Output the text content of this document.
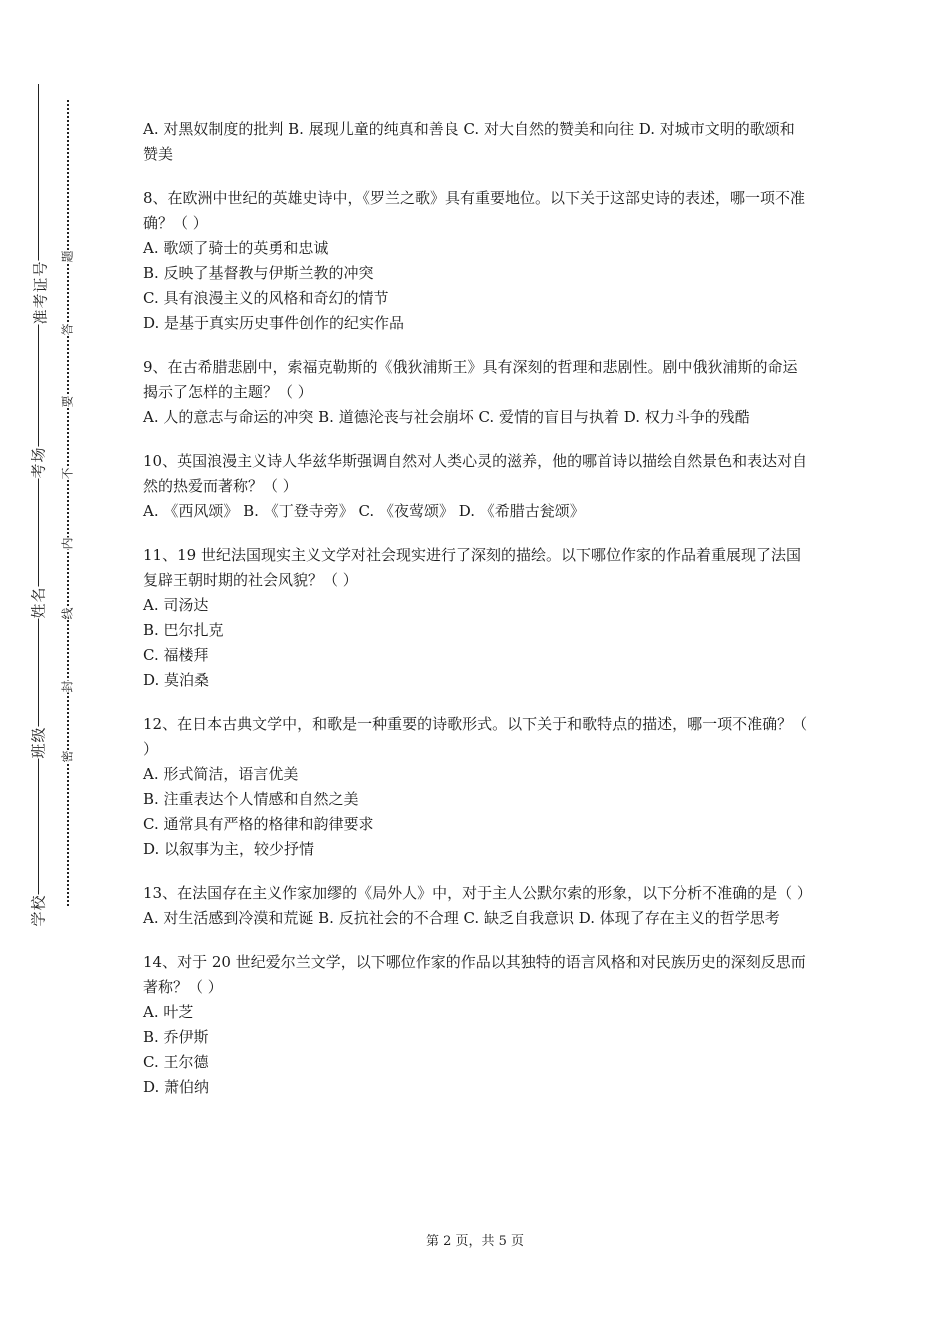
准考证号
考场
姓名
班级
学校
题
答
要
不
内
线
封
密

A. 对黑奴制度的批判 B. 展现儿童的纯真和善良 C. 对大自然的赞美和向往 D. 对城市文明的歌颂和赞美

8、在欧洲中世纪的英雄史诗中，《罗兰之歌》具有重要地位。以下关于这部史诗的表述，哪一项不准确？（ ）

A. 歌颂了骑士的英勇和忠诚

B. 反映了基督教与伊斯兰教的冲突

C. 具有浪漫主义的风格和奇幻的情节

D. 是基于真实历史事件创作的纪实作品

9、在古希腊悲剧中，索福克勒斯的《俄狄浦斯王》具有深刻的哲理和悲剧性。剧中俄狄浦斯的命运揭示了怎样的主题？（ ）

A. 人的意志与命运的冲突 B. 道德沦丧与社会崩坏 C. 爱情的盲目与执着 D. 权力斗争的残酷

10、英国浪漫主义诗人华兹华斯强调自然对人类心灵的滋养，他的哪首诗以描绘自然景色和表达对自然的热爱而著称？（ ）

A. 《西风颂》 B. 《丁登寺旁》 C. 《夜莺颂》 D. 《希腊古瓮颂》

11、19 世纪法国现实主义文学对社会现实进行了深刻的描绘。以下哪位作家的作品着重展现了法国复辟王朝时期的社会风貌？（ ）

A. 司汤达

B. 巴尔扎克

C. 福楼拜

D. 莫泊桑

12、在日本古典文学中，和歌是一种重要的诗歌形式。以下关于和歌特点的描述，哪一项不准确？（ ）

A. 形式简洁，语言优美

B. 注重表达个人情感和自然之美

C. 通常具有严格的格律和韵律要求

D. 以叙事为主，较少抒情

13、在法国存在主义作家加缪的《局外人》中，对于主人公默尔索的形象，以下分析不准确的是（ ）

A. 对生活感到冷漠和荒诞 B. 反抗社会的不合理 C. 缺乏自我意识 D. 体现了存在主义的哲学思考

14、对于 20 世纪爱尔兰文学，以下哪位作家的作品以其独特的语言风格和对民族历史的深刻反思而著称？（ ）

A. 叶芝

B. 乔伊斯

C. 王尔德

D. 萧伯纳

第 2 页，共 5 页
